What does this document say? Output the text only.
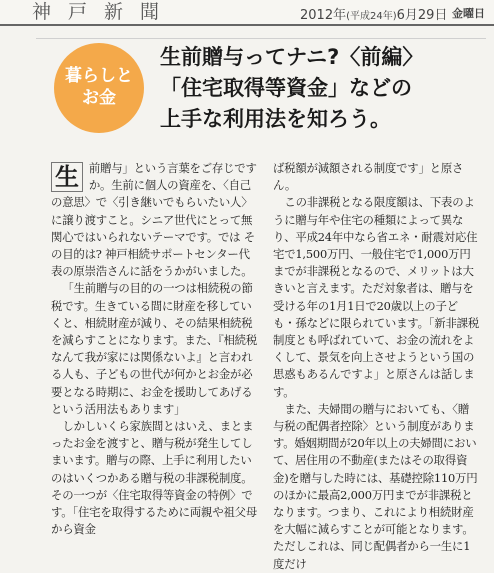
神戸新聞	2012年(平成24年)6月29日 金曜日
暮らしと
お金
生前贈与ってナニ?〈前編〉
「住宅取得等資金」などの
上手な利用法を知ろう。

生 前贈与」という言葉をご存じですか。生前に個人の資産を、〈自己の意思〉で〈引き継いでもらいたい人〉に譲り渡すこと。シニア世代にとって無関心ではいられないテーマです。では その目的は? 神戸相続サポートセンター代表の原崇浩さんに話をうかがいました。

「生前贈与の目的の一つは相続税の節税です。生きている間に財産を移していくと、相続財産が減り、その結果相続税を減らすことになります。また、『相続税なんて我が家には関係ないよ』と言われる人も、子どもの世代が何かとお金が必要となる時期に、お金を援助してあげるという活用法もあります」

しかしいくら家族間とはいえ、まとまったお金を渡すと、贈与税が発生してしまいます。贈与の際、上手に利用したいのはいくつかある贈与税の非課税制度。その一つが〈住宅取得等資金の特例〉です。「住宅を取得するために両親や祖父母から資金

ば税額が減額される制度です」と原さん。

この非課税となる限度額は、下表のように贈与年や住宅の種類によって異なり、平成24年中なら省エネ・耐震対応住宅で1,500万円、一般住宅で1,000万円までが非課税となるので、メリットは大きいと言えます。ただ対象者は、贈与を受ける年の1月1日で20歳以上の子ども・孫などに限られています。「新非課税制度とも呼ばれていて、お金の流れをよくして、景気を向上させようという国の思惑もあるんですよ」と原さんは話します。

また、夫婦間の贈与においても、〈贈与税の配偶者控除〉という制度があります。婚姻期間が20年以上の夫婦間において、居住用の不動産(またはその取得資金)を贈与した時には、基礎控除110万円のほかに最高2,000万円までが非課税となります。つまり、これにより相続財産を大幅に減らすことが可能となります。ただしこれは、同じ配偶者から一生に1度だけ
